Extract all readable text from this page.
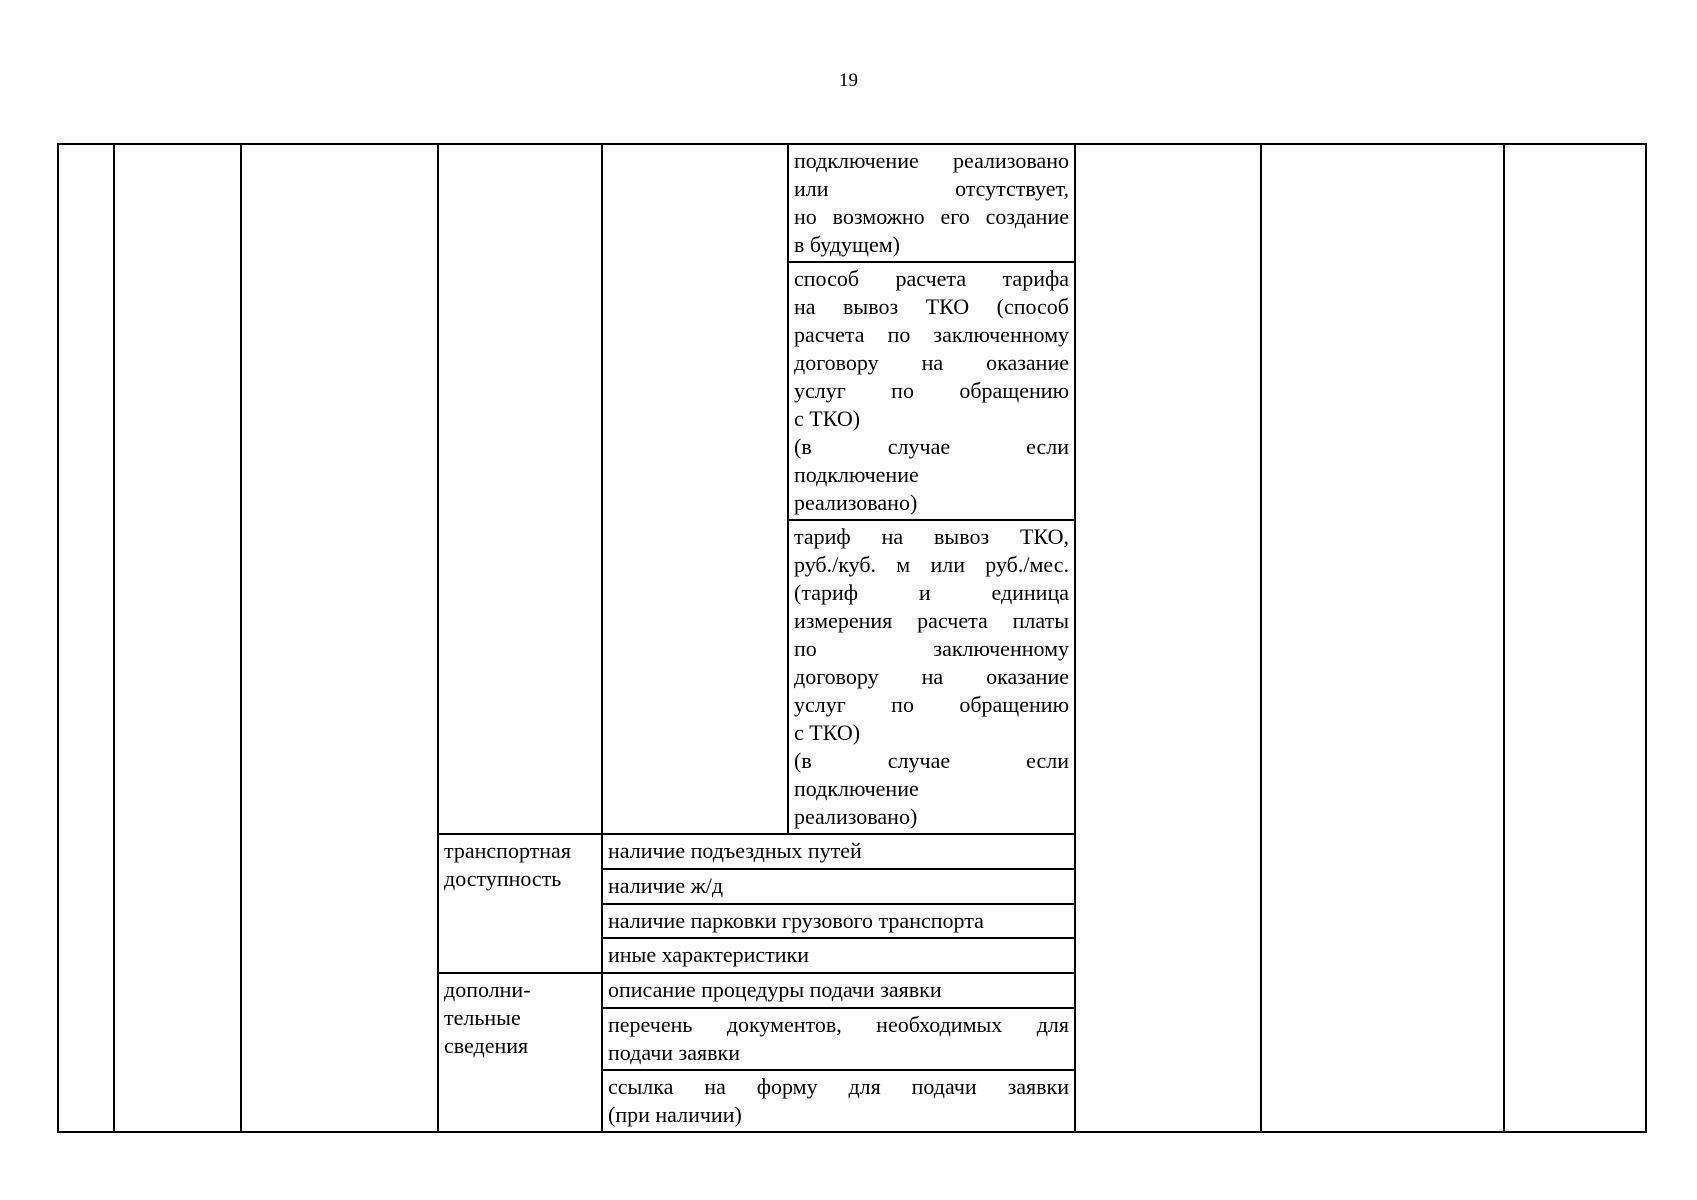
19
подключение реализовано
или отсутствует,
но возможно его создание
в будущем)
способ расчета тарифа
на вывоз ТКО (способ
расчета по заключенному
договору на оказание
услуг по обращению
с ТКО)
(в случае если
подключение
реализовано)
тариф на вывоз ТКО,
руб./куб. м или руб./мес.
(тариф и единица
измерения расчета платы
по заключенному
договору на оказание
услуг по обращению
с ТКО)
(в случае если
подключение
реализовано)
транспортная
доступность
наличие подъездных путей
наличие ж/д
наличие парковки грузового транспорта
иные характеристики
дополни-
тельные
сведения
описание процедуры подачи заявки
перечень документов, необходимых для
подачи заявки
ссылка на форму для подачи заявки
(при наличии)
